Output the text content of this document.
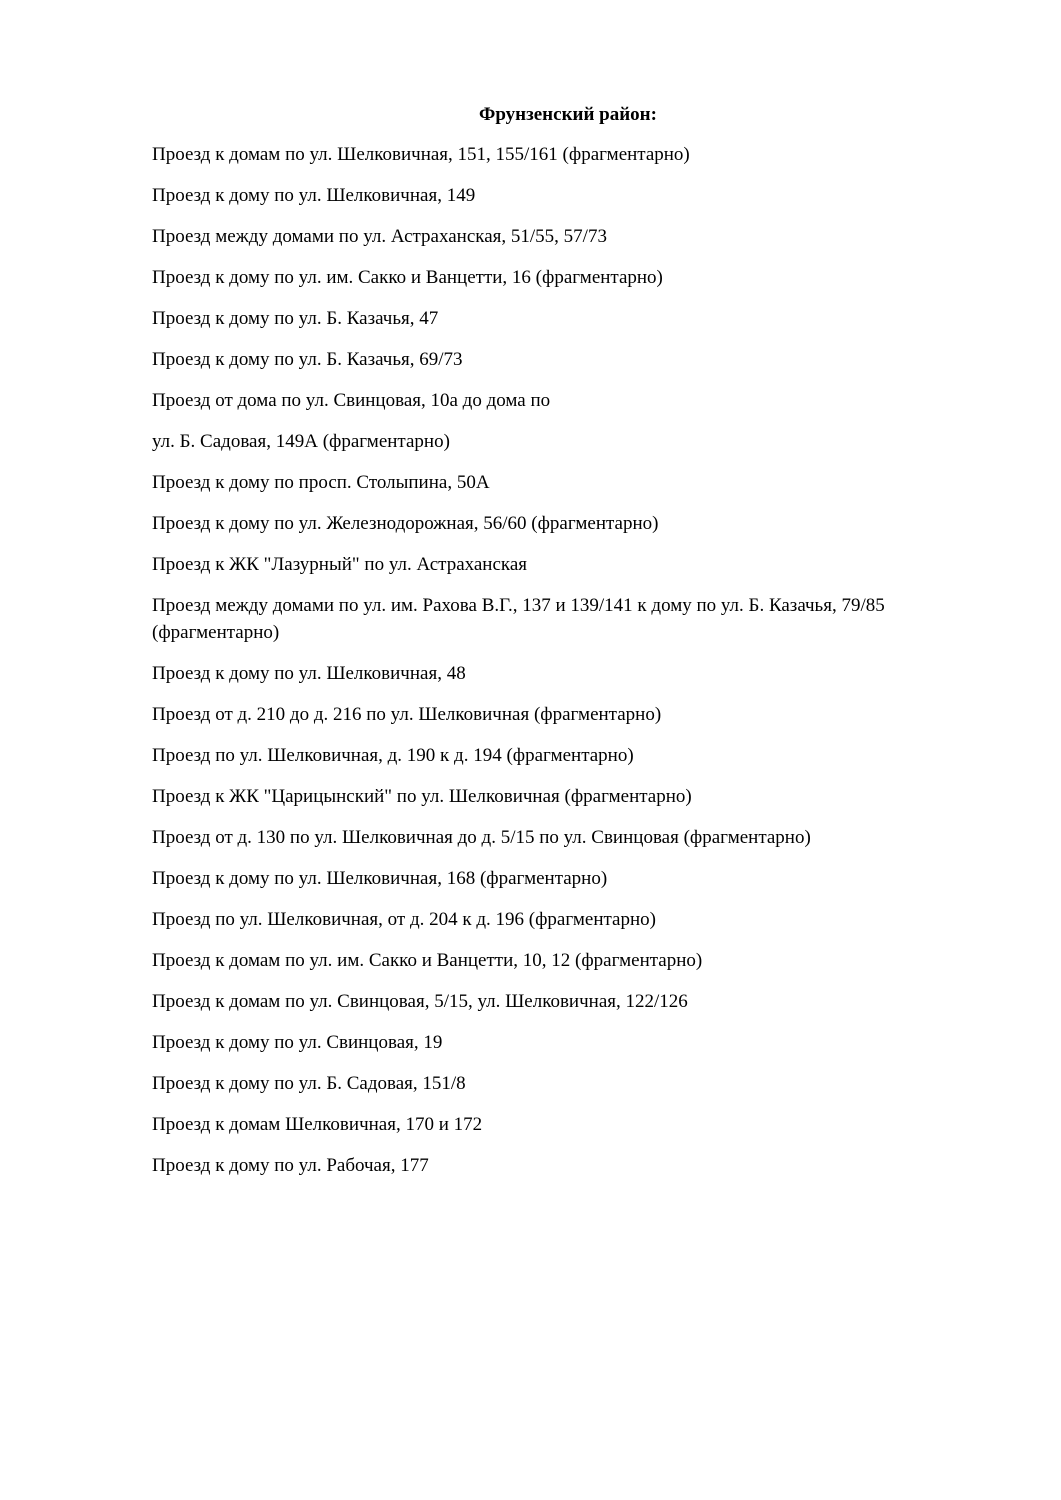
Фрунзенский район:
Проезд к домам по ул. Шелковичная, 151, 155/161 (фрагментарно)
Проезд к дому по ул. Шелковичная, 149
Проезд между домами по ул. Астраханская, 51/55, 57/73
Проезд к дому по ул. им. Сакко и Ванцетти, 16 (фрагментарно)
Проезд к дому по ул. Б. Казачья, 47
Проезд к дому по ул. Б. Казачья, 69/73
Проезд от дома по ул. Свинцовая, 10а до дома по
ул. Б. Садовая, 149А (фрагментарно)
Проезд к дому по просп. Столыпина, 50А
Проезд к дому по ул. Железнодорожная, 56/60 (фрагментарно)
Проезд к ЖК "Лазурный" по ул. Астраханская
Проезд между домами по ул. им. Рахова В.Г., 137 и 139/141 к дому по ул. Б. Казачья, 79/85 (фрагментарно)
Проезд к дому по ул. Шелковичная, 48
Проезд от д. 210 до д. 216 по ул. Шелковичная (фрагментарно)
Проезд по ул. Шелковичная, д. 190 к д. 194 (фрагментарно)
Проезд к ЖК "Царицынский" по ул. Шелковичная (фрагментарно)
Проезд от д. 130 по ул. Шелковичная до д. 5/15 по ул. Свинцовая (фрагментарно)
Проезд к дому по ул. Шелковичная, 168 (фрагментарно)
Проезд по ул. Шелковичная, от д. 204 к д. 196 (фрагментарно)
Проезд к домам по ул. им. Сакко и Ванцетти, 10, 12 (фрагментарно)
Проезд к домам по ул. Свинцовая, 5/15, ул. Шелковичная, 122/126
Проезд к дому по ул. Свинцовая, 19
Проезд к дому по ул. Б. Садовая, 151/8
Проезд к домам Шелковичная, 170 и 172
Проезд к дому по ул. Рабочая, 177
